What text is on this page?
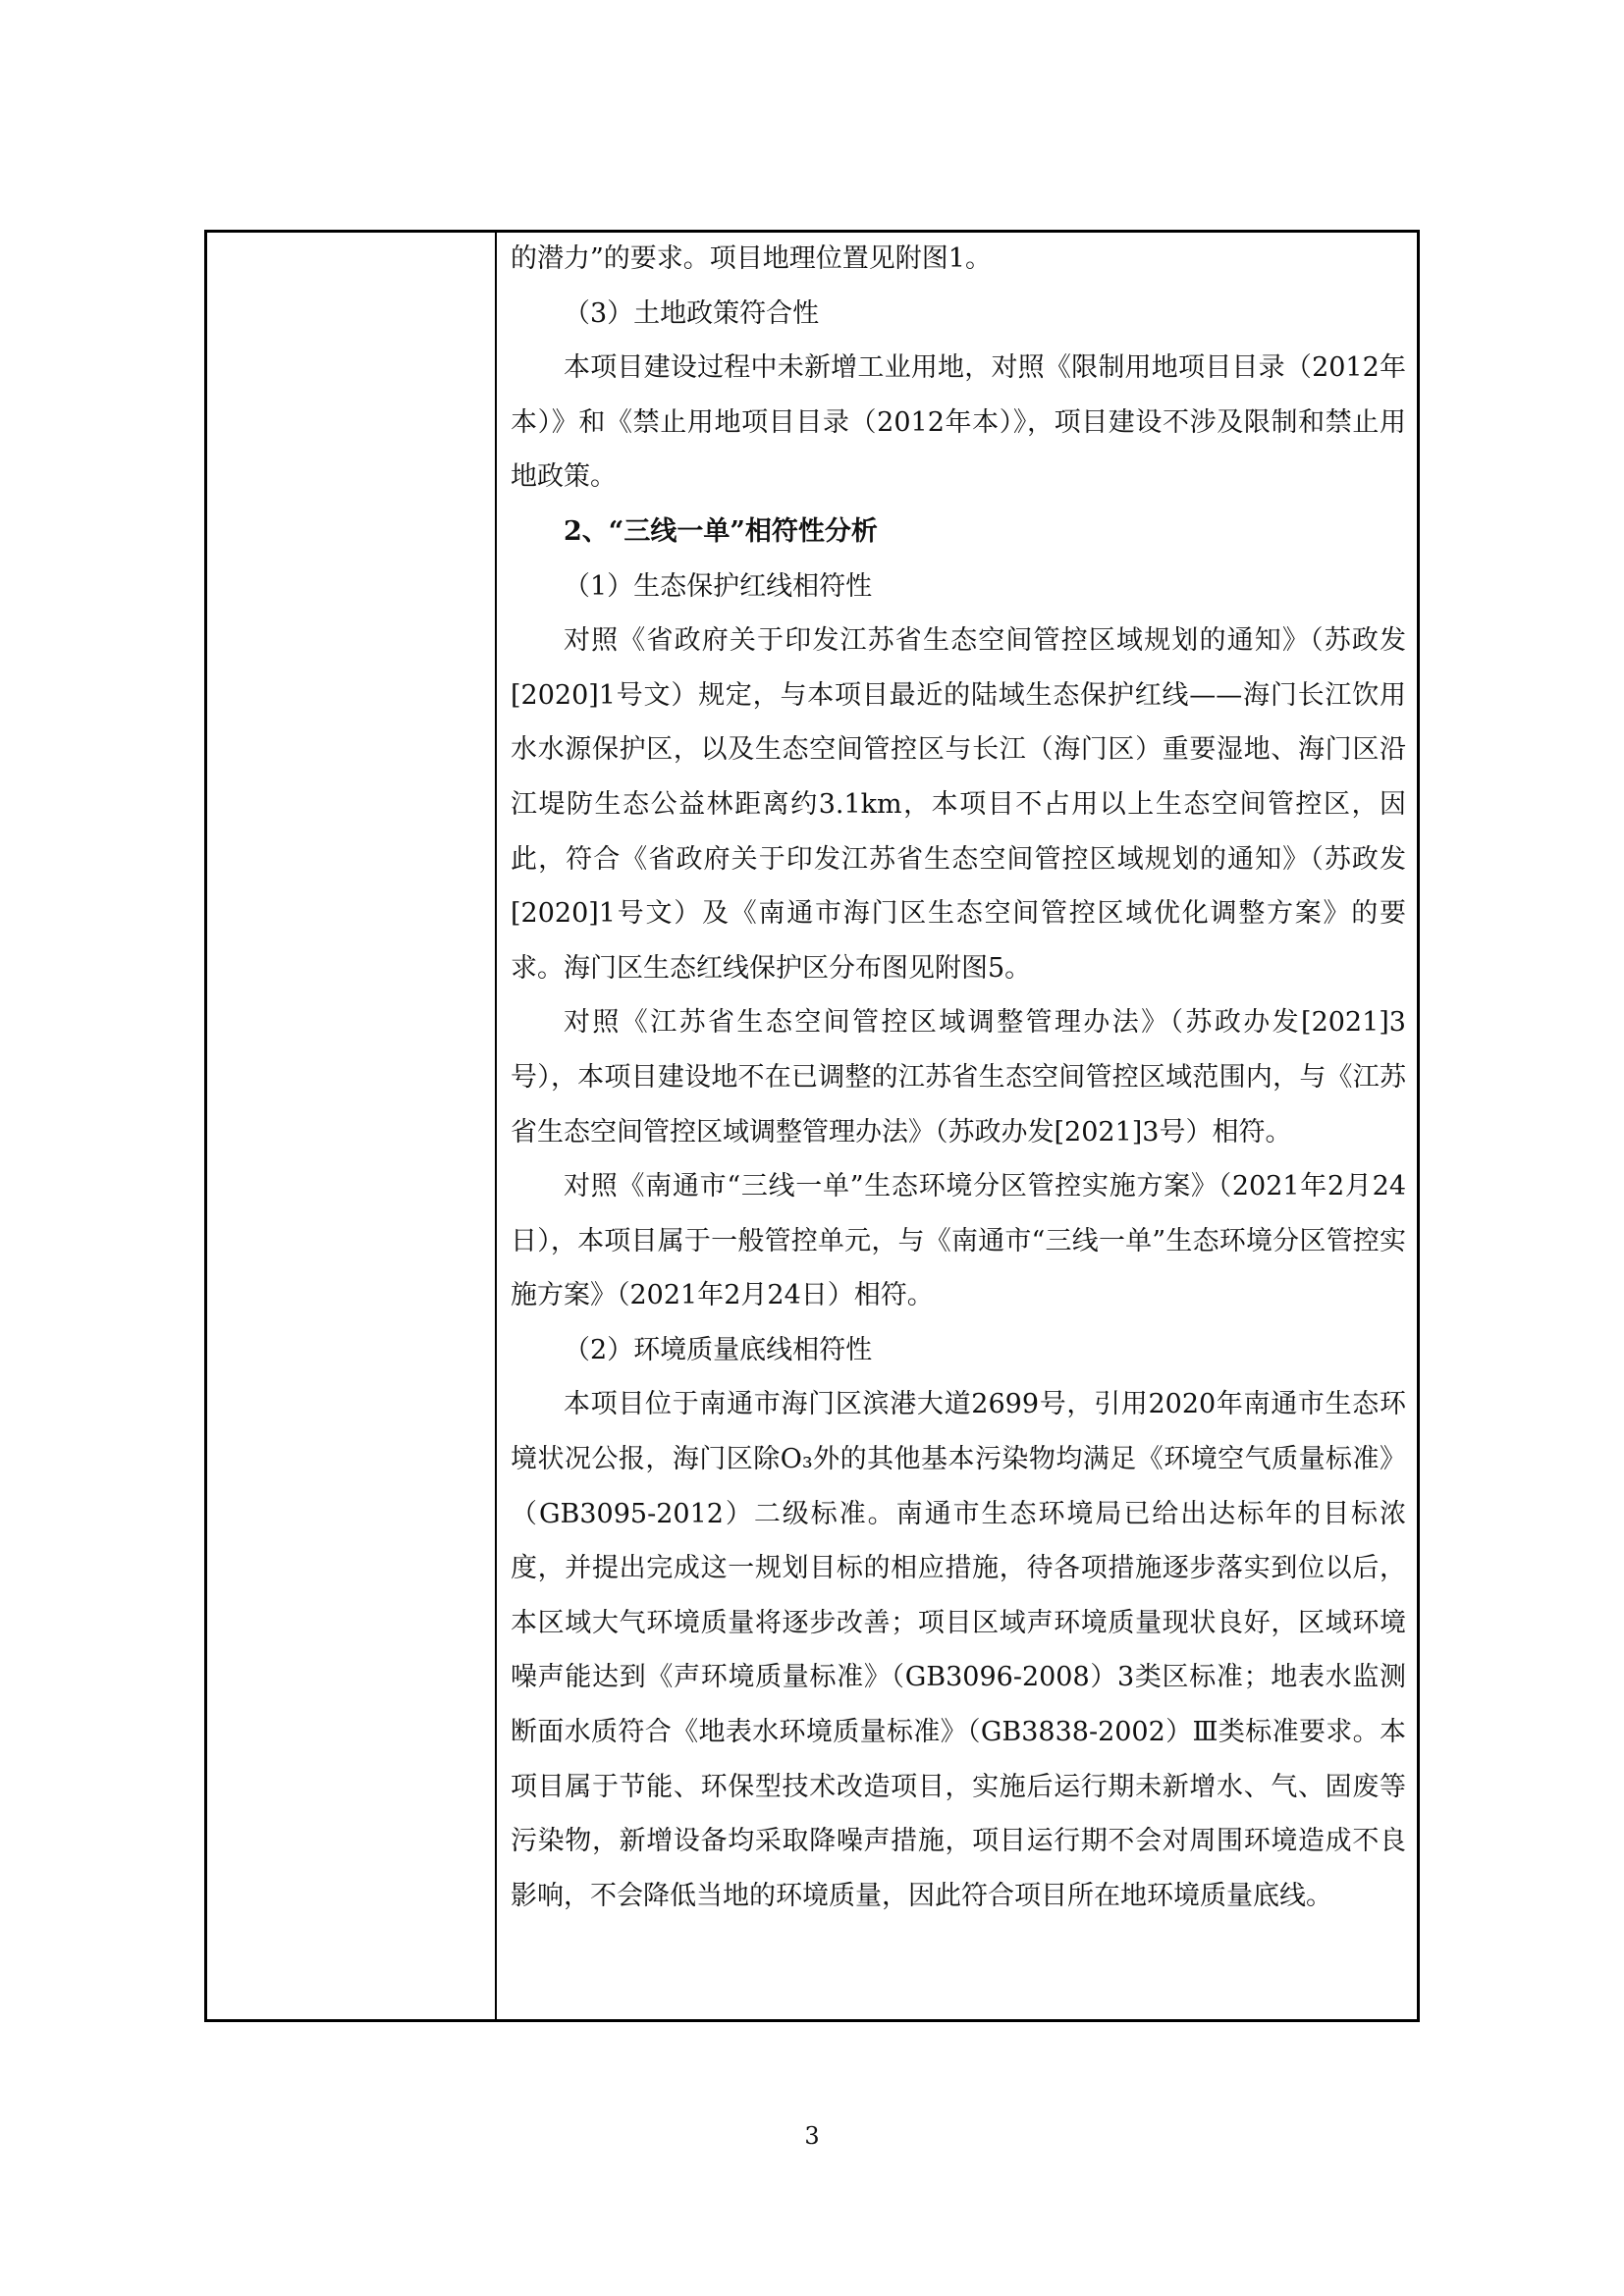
的潜力”的要求。项目地理位置见附图1。

（3）土地政策符合性

本项目建设过程中未新增工业用地，对照《限制用地项目目录（2012年本）》和《禁止用地项目目录（2012年本）》，项目建设不涉及限制和禁止用地政策。

2、“三线一单”相符性分析

（1）生态保护红线相符性

对照《省政府关于印发江苏省生态空间管控区域规划的通知》（苏政发[2020]1号文）规定，与本项目最近的陆域生态保护红线——海门长江饮用水水源保护区，以及生态空间管控区与长江（海门区）重要湿地、海门区沿江堤防生态公益林距离约3.1km，本项目不占用以上生态空间管控区，因此，符合《省政府关于印发江苏省生态空间管控区域规划的通知》（苏政发[2020]1号文）及《南通市海门区生态空间管控区域优化调整方案》的要求。海门区生态红线保护区分布图见附图5。

对照《江苏省生态空间管控区域调整管理办法》（苏政办发[2021]3号），本项目建设地不在已调整的江苏省生态空间管控区域范围内，与《江苏省生态空间管控区域调整管理办法》（苏政办发[2021]3号）相符。

对照《南通市“三线一单”生态环境分区管控实施方案》（2021年2月24日），本项目属于一般管控单元，与《南通市“三线一单”生态环境分区管控实施方案》（2021年2月24日）相符。

（2）环境质量底线相符性

本项目位于南通市海门区滨港大道2699号，引用2020年南通市生态环境状况公报，海门区除O₃外的其他基本污染物均满足《环境空气质量标准》（GB3095-2012）二级标准。南通市生态环境局已给出达标年的目标浓度，并提出完成这一规划目标的相应措施，待各项措施逐步落实到位以后，本区域大气环境质量将逐步改善；项目区域声环境质量现状良好，区域环境噪声能达到《声环境质量标准》（GB3096-2008）3类区标准；地表水监测断面水质符合《地表水环境质量标准》（GB3838-2002）Ⅲ类标准要求。本项目属于节能、环保型技术改造项目，实施后运行期未新增水、气、固废等污染物，新增设备均采取降噪声措施，项目运行期不会对周围环境造成不良影响，不会降低当地的环境质量，因此符合项目所在地环境质量底线。

3
